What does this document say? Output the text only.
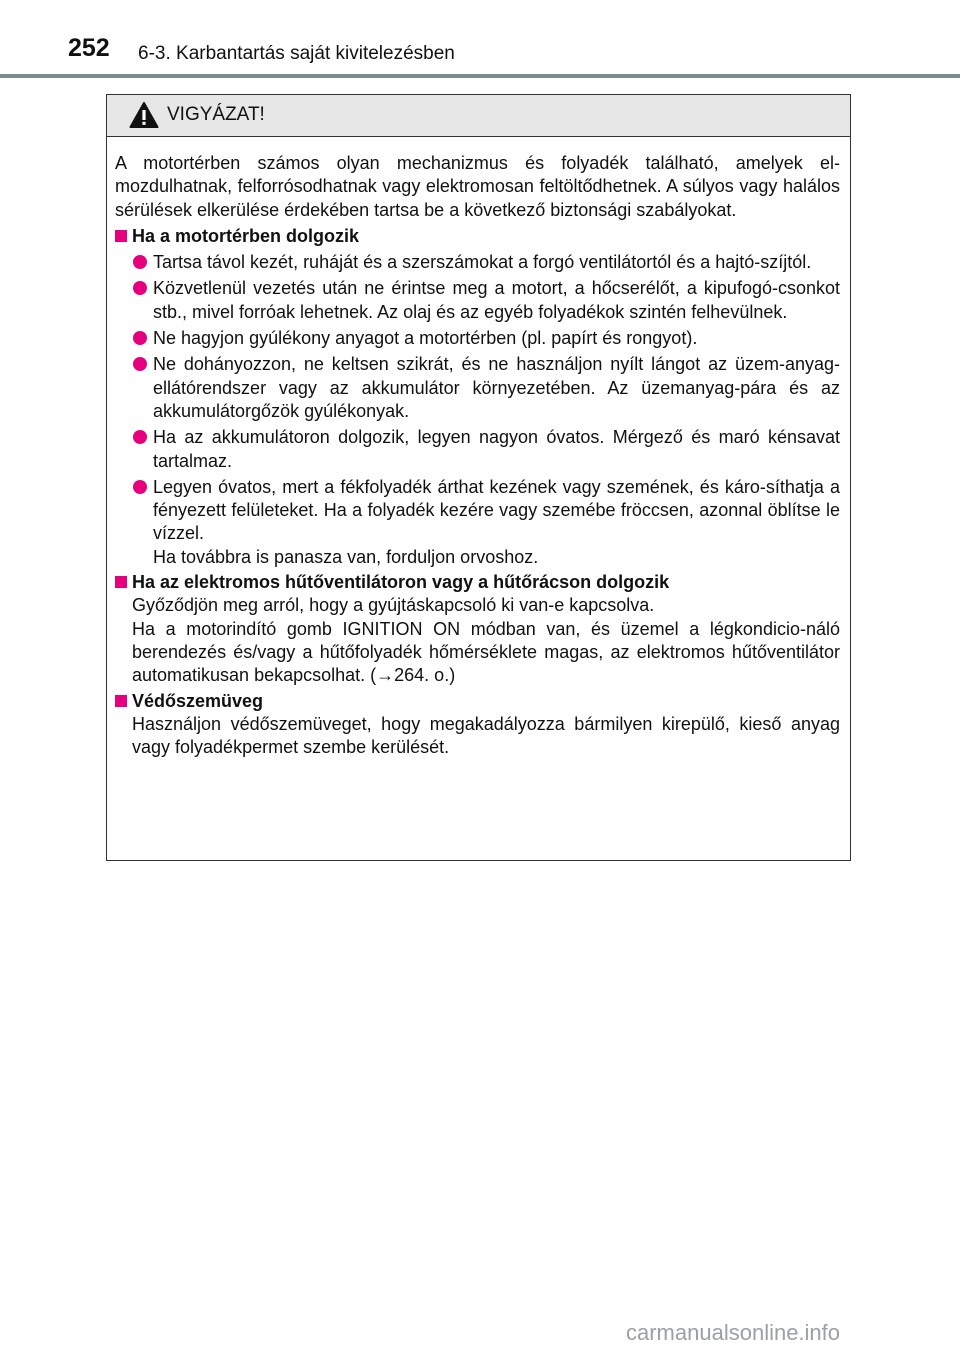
252 6-3. Karbantartás saját kivitelezésben
VIGYÁZAT!
A motortérben számos olyan mechanizmus és folyadék található, amelyek el-mozdulhatnak, felforrósodhatnak vagy elektromosan feltöltődhetnek. A súlyos vagy halálos sérülések elkerülése érdekében tartsa be a következő biztonsági szabályokat.
Ha a motortérben dolgozik
Tartsa távol kezét, ruháját és a szerszámokat a forgó ventilátortól és a hajtó-szíjtól.
Közvetlenül vezetés után ne érintse meg a motort, a hőcserélőt, a kipufogó-csonkot stb., mivel forróak lehetnek. Az olaj és az egyéb folyadékok szintén felhevülnek.
Ne hagyjon gyúlékony anyagot a motortérben (pl. papírt és rongyot).
Ne dohányozzon, ne keltsen szikrát, és ne használjon nyílt lángot az üzem-anyag-ellátórendszer vagy az akkumulátor környezetében. Az üzemanyag-pára és az akkumulátorgőzök gyúlékonyak.
Ha az akkumulátoron dolgozik, legyen nagyon óvatos. Mérgező és maró kénsavat tartalmaz.
Legyen óvatos, mert a fékfolyadék árthat kezének vagy szemének, és káro-síthatja a fényezett felületeket. Ha a folyadék kezére vagy szemébe fröccsen, azonnal öblítse le vízzel.
Ha továbbra is panasza van, forduljon orvoshoz.
Ha az elektromos hűtőventilátoron vagy a hűtőrácson dolgozik
Győződjön meg arról, hogy a gyújtáskapcsoló ki van-e kapcsolva.
Ha a motorindító gomb IGNITION ON módban van, és üzemel a légkondicio-náló berendezés és/vagy a hűtőfolyadék hőmérséklete magas, az elektromos hűtőventilátor automatikusan bekapcsolhat. (→264. o.)
Védőszemüveg
Használjon védőszemüveget, hogy megakadályozza bármilyen kirepülő, kieső anyag vagy folyadékpermet szembe kerülését.
carmanualsonline.info
